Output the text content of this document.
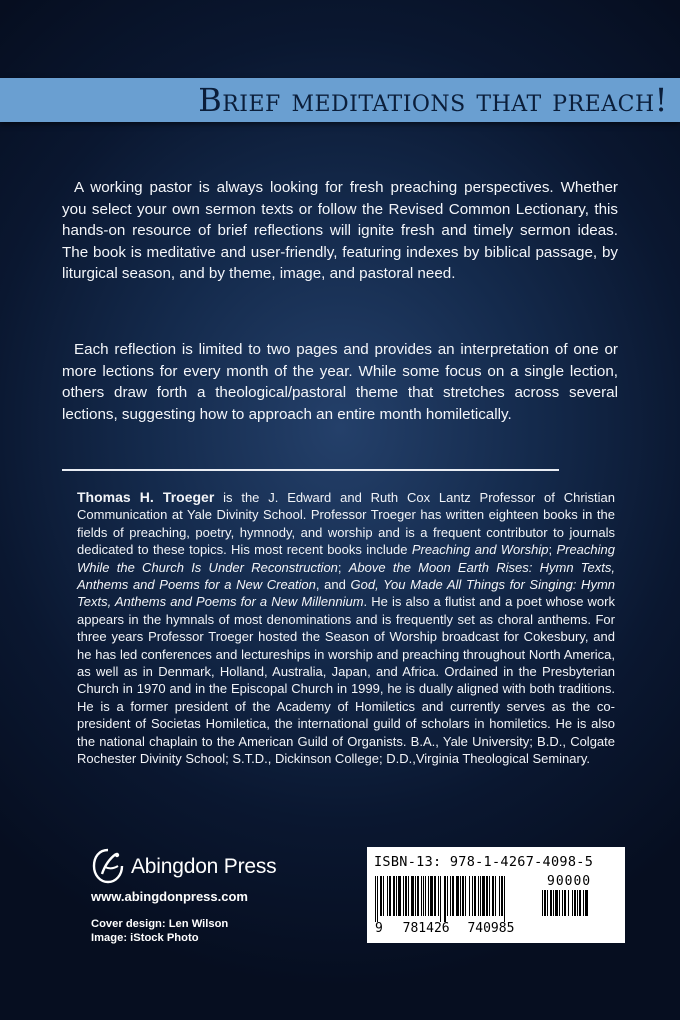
Brief meditations that preach!

A working pastor is always looking for fresh preaching perspectives. Whether you select your own sermon texts or follow the Revised Common Lectionary, this hands-on resource of brief reflections will ignite fresh and timely sermon ideas. The book is meditative and user-friendly, featuring indexes by biblical passage, by liturgical season, and by theme, image, and pastoral need.

Each reflection is limited to two pages and provides an interpretation of one or more lections for every month of the year. While some focus on a single lection, others draw forth a theological/pastoral theme that stretches across several lections, suggesting how to approach an entire month homiletically.

Thomas H. Troeger is the J. Edward and Ruth Cox Lantz Professor of Christian Communication at Yale Divinity School. Professor Troeger has written eighteen books in the fields of preaching, poetry, hymnody, and worship and is a frequent contributor to journals dedicated to these topics. His most recent books include Preaching and Worship; Preaching While the Church Is Under Reconstruction; Above the Moon Earth Rises: Hymn Texts, Anthems and Poems for a New Creation, and God, You Made All Things for Singing: Hymn Texts, Anthems and Poems for a New Millennium. He is also a flutist and a poet whose work appears in the hymnals of most denominations and is frequently set as choral anthems. For three years Professor Troeger hosted the Season of Worship broadcast for Cokesbury, and he has led conferences and lectureships in worship and preaching throughout North America, as well as in Denmark, Holland, Australia, Japan, and Africa. Ordained in the Presbyterian Church in 1970 and in the Episcopal Church in 1999, he is dually aligned with both traditions. He is a former president of the Academy of Homiletics and currently serves as the co-president of Societas Homiletica, the international guild of scholars in homiletics. He is also the national chaplain to the American Guild of Organists. B.A., Yale University; B.D., Colgate Rochester Divinity School; S.T.D., Dickinson College; D.D.,Virginia Theological Seminary.

Abingdon Press
www.abingdonpress.com
Cover design: Len Wilson
Image: iStock Photo
ISBN-13: 978-1-4267-4098-5
90000
9 781426 740985
